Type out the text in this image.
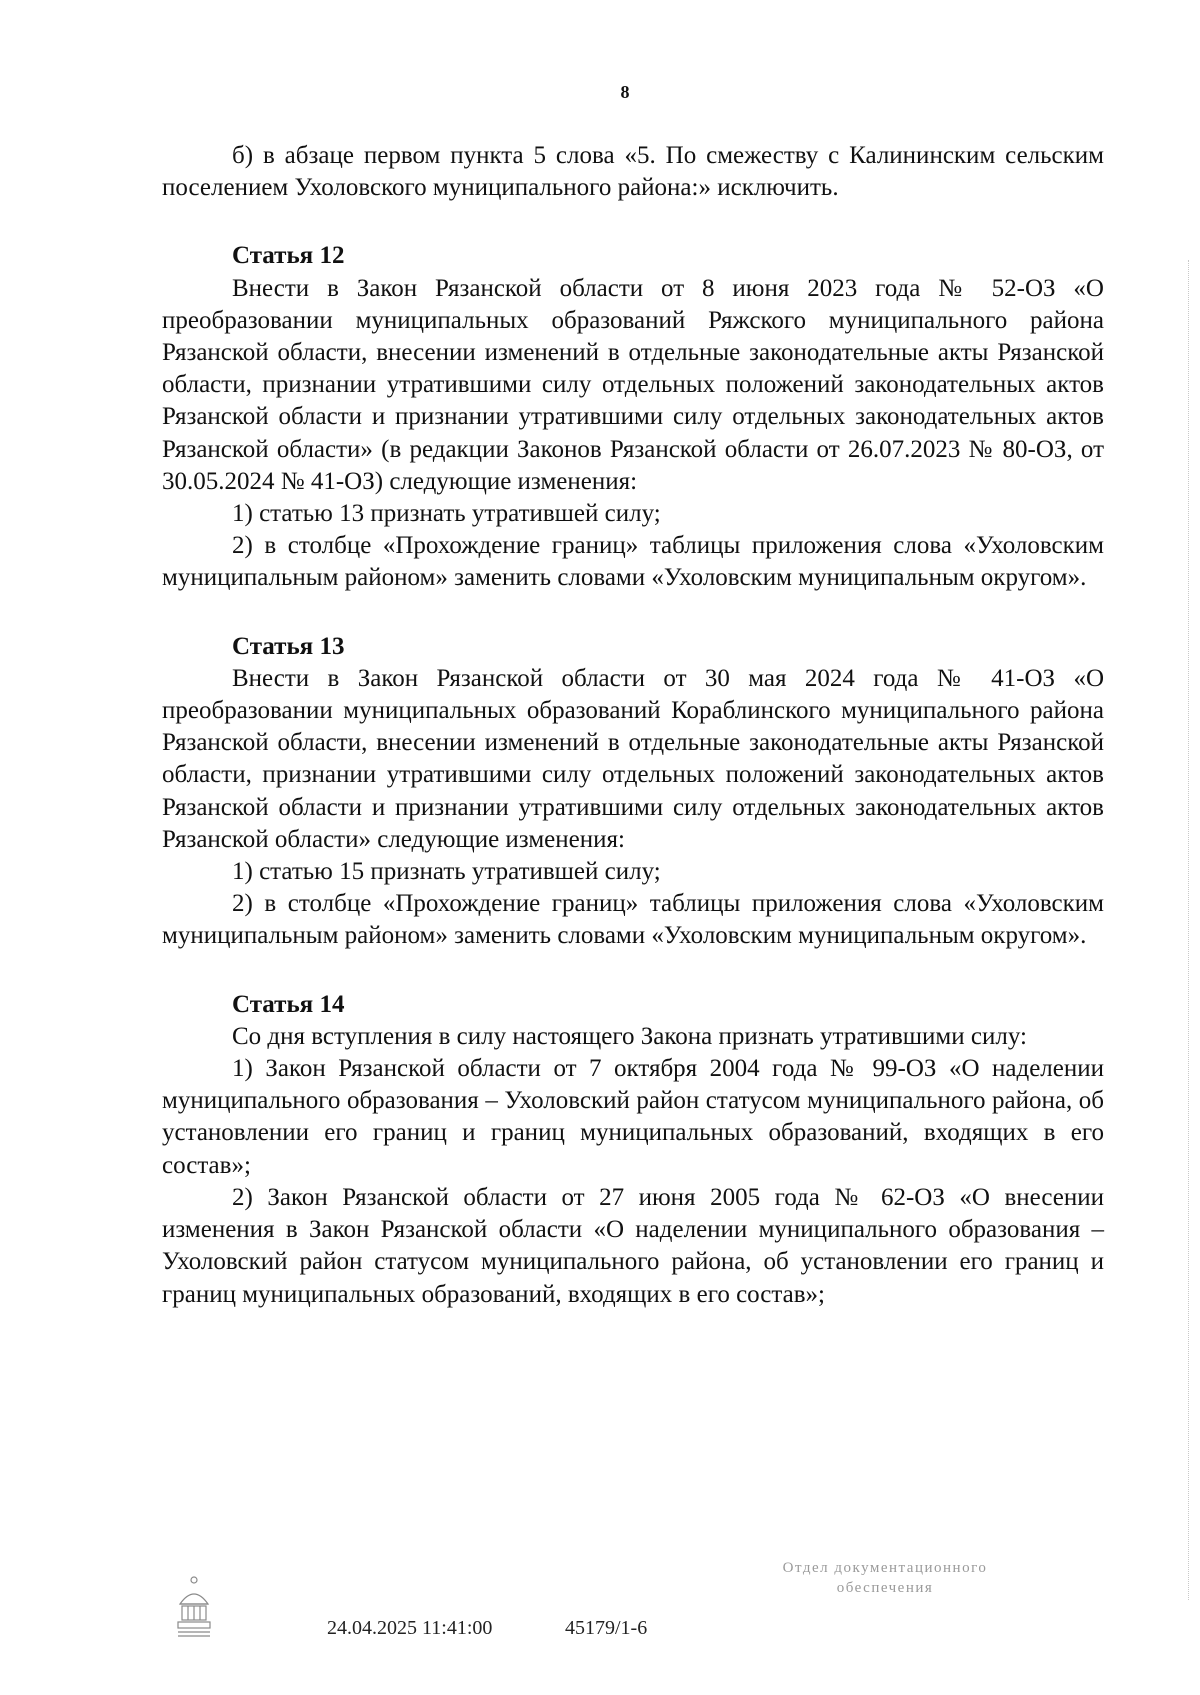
8

б) в абзаце первом пункта 5 слова «5. По смежеству с Калининским сельским поселением Ухоловского муниципального района:» исключить.

Статья 12

Внести в Закон Рязанской области от 8 июня 2023 года № 52-ОЗ «О преобразовании муниципальных образований Ряжского муниципального района Рязанской области, внесении изменений в отдельные законодательные акты Рязанской области, признании утратившими силу отдельных положений законодательных актов Рязанской области и признании утратившими силу отдельных законодательных актов Рязанской области» (в редакции Законов Рязанской области от 26.07.2023 № 80-ОЗ, от 30.05.2024 № 41-ОЗ) следующие изменения:

1) статью 13 признать утратившей силу;

2) в столбце «Прохождение границ» таблицы приложения слова «Ухоловским муниципальным районом» заменить словами «Ухоловским муниципальным округом».

Статья 13

Внести в Закон Рязанской области от 30 мая 2024 года № 41-ОЗ «О преобразовании муниципальных образований Кораблинского муниципального района Рязанской области, внесении изменений в отдельные законодательные акты Рязанской области, признании утратившими силу отдельных положений законодательных актов Рязанской области и признании утратившими силу отдельных законодательных актов Рязанской области» следующие изменения:

1) статью 15 признать утратившей силу;

2) в столбце «Прохождение границ» таблицы приложения слова «Ухоловским муниципальным районом» заменить словами «Ухоловским муниципальным округом».

Статья 14

Со дня вступления в силу настоящего Закона признать утратившими силу:

1) Закон Рязанской области от 7 октября 2004 года № 99-ОЗ «О наделении муниципального образования – Ухоловский район статусом муниципального района, об установлении его границ и границ муниципальных образований, входящих в его состав»;

2) Закон Рязанской области от 27 июня 2005 года № 62-ОЗ «О внесении изменения в Закон Рязанской области «О наделении муниципального образования – Ухоловский район статусом муниципального района, об установлении его границ и границ муниципальных образований, входящих в его состав»;

24.04.2025 11:41:00	45179/1-6
Отдел документационного
обеспечения
